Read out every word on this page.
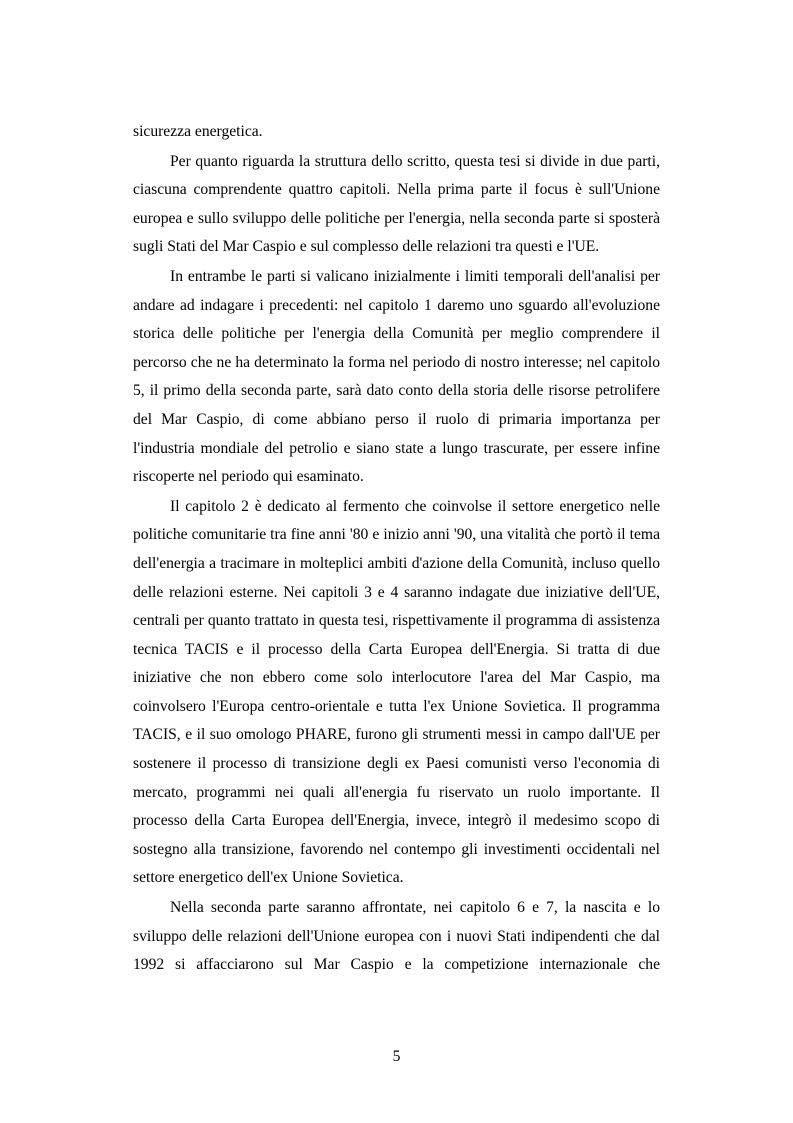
sicurezza energetica.

Per quanto riguarda la struttura dello scritto, questa tesi si divide in due parti, ciascuna comprendente quattro capitoli. Nella prima parte il focus è sull'Unione europea e sullo sviluppo delle politiche per l'energia, nella seconda parte si sposterà sugli Stati del Mar Caspio e sul complesso delle relazioni tra questi e l'UE.

In entrambe le parti si valicano inizialmente i limiti temporali dell'analisi per andare ad indagare i precedenti: nel capitolo 1 daremo uno sguardo all'evoluzione storica delle politiche per l'energia della Comunità per meglio comprendere il percorso che ne ha determinato la forma nel periodo di nostro interesse; nel capitolo 5, il primo della seconda parte, sarà dato conto della storia delle risorse petrolifere del Mar Caspio, di come abbiano perso il ruolo di primaria importanza per l'industria mondiale del petrolio e siano state a lungo trascurate, per essere infine riscoperte nel periodo qui esaminato.

Il capitolo 2 è dedicato al fermento che coinvolse il settore energetico nelle politiche comunitarie tra fine anni '80 e inizio anni '90, una vitalità che portò il tema dell'energia a tracimare in molteplici ambiti d'azione della Comunità, incluso quello delle relazioni esterne. Nei capitoli 3 e 4 saranno indagate due iniziative dell'UE, centrali per quanto trattato in questa tesi, rispettivamente il programma di assistenza tecnica TACIS e il processo della Carta Europea dell'Energia. Si tratta di due iniziative che non ebbero come solo interlocutore l'area del Mar Caspio, ma coinvolsero l'Europa centro-orientale e tutta l'ex Unione Sovietica. Il programma TACIS, e il suo omologo PHARE, furono gli strumenti messi in campo dall'UE per sostenere il processo di transizione degli ex Paesi comunisti verso l'economia di mercato, programmi nei quali all'energia fu riservato un ruolo importante. Il processo della Carta Europea dell'Energia, invece, integrò il medesimo scopo di sostegno alla transizione, favorendo nel contempo gli investimenti occidentali nel settore energetico dell'ex Unione Sovietica.

Nella seconda parte saranno affrontate, nei capitolo 6 e 7, la nascita e lo sviluppo delle relazioni dell'Unione europea con i nuovi Stati indipendenti che dal 1992 si affacciarono sul Mar Caspio e la competizione internazionale che

5
